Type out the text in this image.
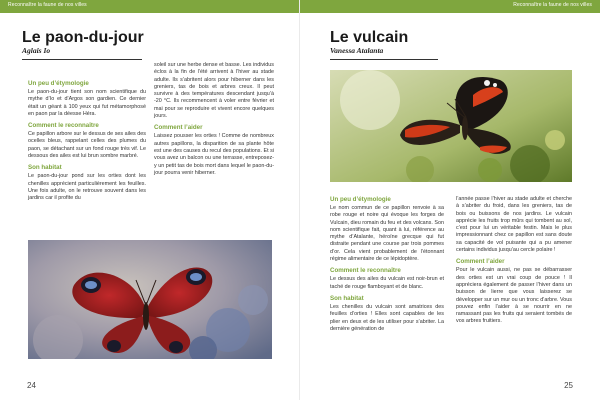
Reconnaître la faune de nos villes
Le paon-du-jour
Aglais Io
Un peu d’étymologie

Le paon-du-jour tient son nom scientifique du mythe d’Io et d’Argos son gardien. Ce dernier était un géant à 100 yeux qui fut métamorphosé en paon par la déesse Héra.

Comment le reconnaître

Ce papillon arbore sur le dessus de ses ailes des ocelles bleus, rappelant celles des plumes du paon, se détachant sur un fond rouge très vif. Le dessous des ailes est lui brun sombre marbré.

Son habitat

Le paon-du-jour pond sur les orties dont les chenilles apprécient particulièrement les feuilles. Une fois adulte, on le retrouve souvent dans les jardins car il profite du

soleil sur une herbe dense et basse. Les individus éclos à la fin de l’été arrivent à l’hiver au stade adulte. Ils s’abritent alors pour hiberner dans les greniers, tas de bois et arbres creux. Il peut survivre à des températures descendant jusqu’à -20 °C. Ils recommencent à voler entre février et mai pour se reproduire et vivent encore quelques jours.

Comment l’aider

Laissez pousser les orties ! Comme de nombreux autres papillons, la disparition de sa plante hôte est une des causes du recul des populations. Et si vous avez un balcon ou une terrasse, entreposez-y un petit tas de bois mort dans lequel le paon-du-jour pourra venir hiberner.

24
Reconnaître la faune de nos villes
Le vulcain
Vanessa Atalanta
Un peu d’étymologie

Le nom commun de ce papillon renvoie à sa robe rouge et noire qui évoque les forges de Vulcain, dieu romain du feu et des volcans. Son nom scientifique fait, quant à lui, référence au mythe d’Atalante, héroïne grecque qui fut distraite pendant une course par trois pommes d’or. Cela vient probablement de l’étonnant régime alimentaire de ce lépidoptère.

Comment le reconnaître

Le dessus des ailes du vulcain est noir-brun et taché de rouge flamboyant et de blanc.

Son habitat

Les chenilles du vulcain sont amatrices des feuilles d’orties ! Elles sont capables de les plier en deux et de les utiliser pour s’abriter. La dernière génération de

l’année passe l’hiver au stade adulte et cherche à s’abriter du froid, dans les greniers, tas de bois ou buissons de nos jardins. Le vulcain apprécie les fruits trop mûrs qui tombent au sol, c’est pour lui un véritable festin. Mais le plus impressionnant chez ce papillon est sans doute sa capacité de vol puisante qui a pu amener certains individus jusqu’au cercle polaire !

Comment l’aider

Pour le vulcain aussi, ne pas se débarrasser des orties est un vrai coup de pouce ! Il appréciera également de passer l’hiver dans un buisson de lierre que vous laisserez se développer sur un mur ou un tronc d’arbre. Vous pouvez enfin l’aider à se nourrir en ne ramassant pas les fruits qui seraient tombés de vos arbres fruitiers.

25
